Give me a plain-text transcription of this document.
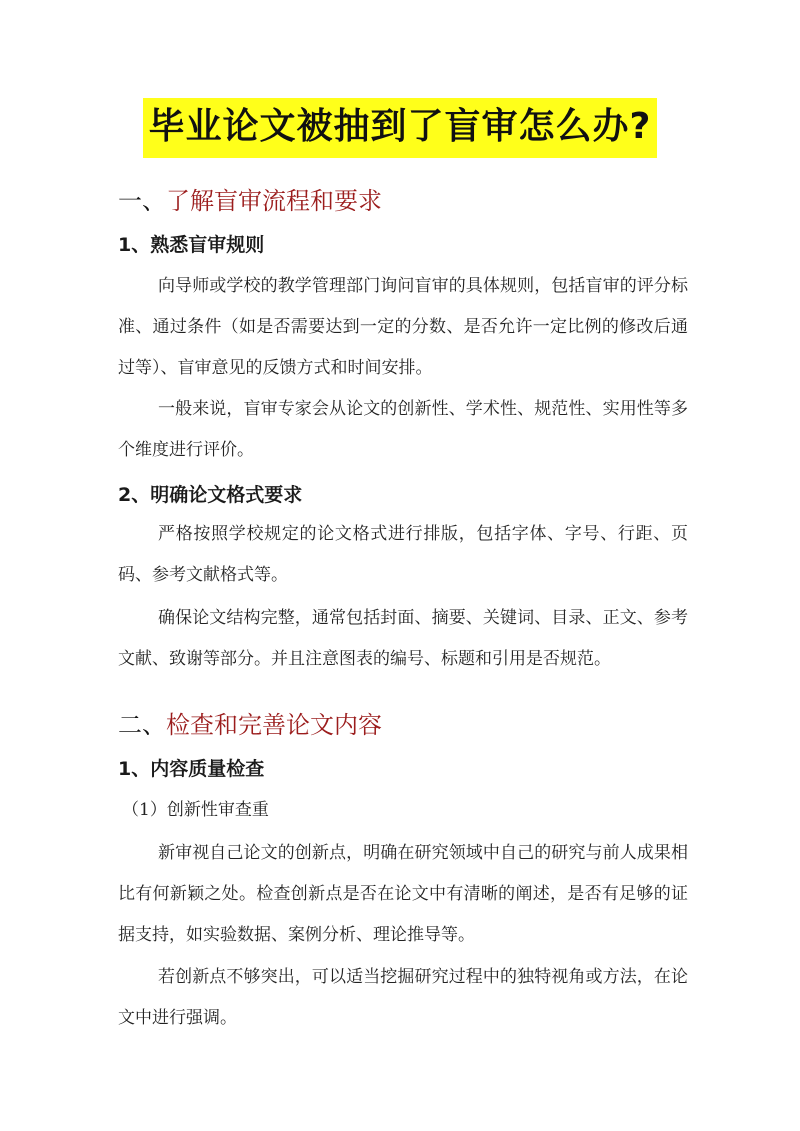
毕业论文被抽到了盲审怎么办?
一、了解盲审流程和要求
1、熟悉盲审规则
向导师或学校的教学管理部门询问盲审的具体规则，包括盲审的评分标准、通过条件（如是否需要达到一定的分数、是否允许一定比例的修改后通过等）、盲审意见的反馈方式和时间安排。
一般来说，盲审专家会从论文的创新性、学术性、规范性、实用性等多个维度进行评价。
2、明确论文格式要求
严格按照学校规定的论文格式进行排版，包括字体、字号、行距、页码、参考文献格式等。
确保论文结构完整，通常包括封面、摘要、关键词、目录、正文、参考文献、致谢等部分。并且注意图表的编号、标题和引用是否规范。
二、检查和完善论文内容
1、内容质量检查
（1）创新性审查重
新审视自己论文的创新点，明确在研究领域中自己的研究与前人成果相比有何新颖之处。检查创新点是否在论文中有清晰的阐述，是否有足够的证据支持，如实验数据、案例分析、理论推导等。
若创新点不够突出，可以适当挖掘研究过程中的独特视角或方法，在论文中进行强调。
